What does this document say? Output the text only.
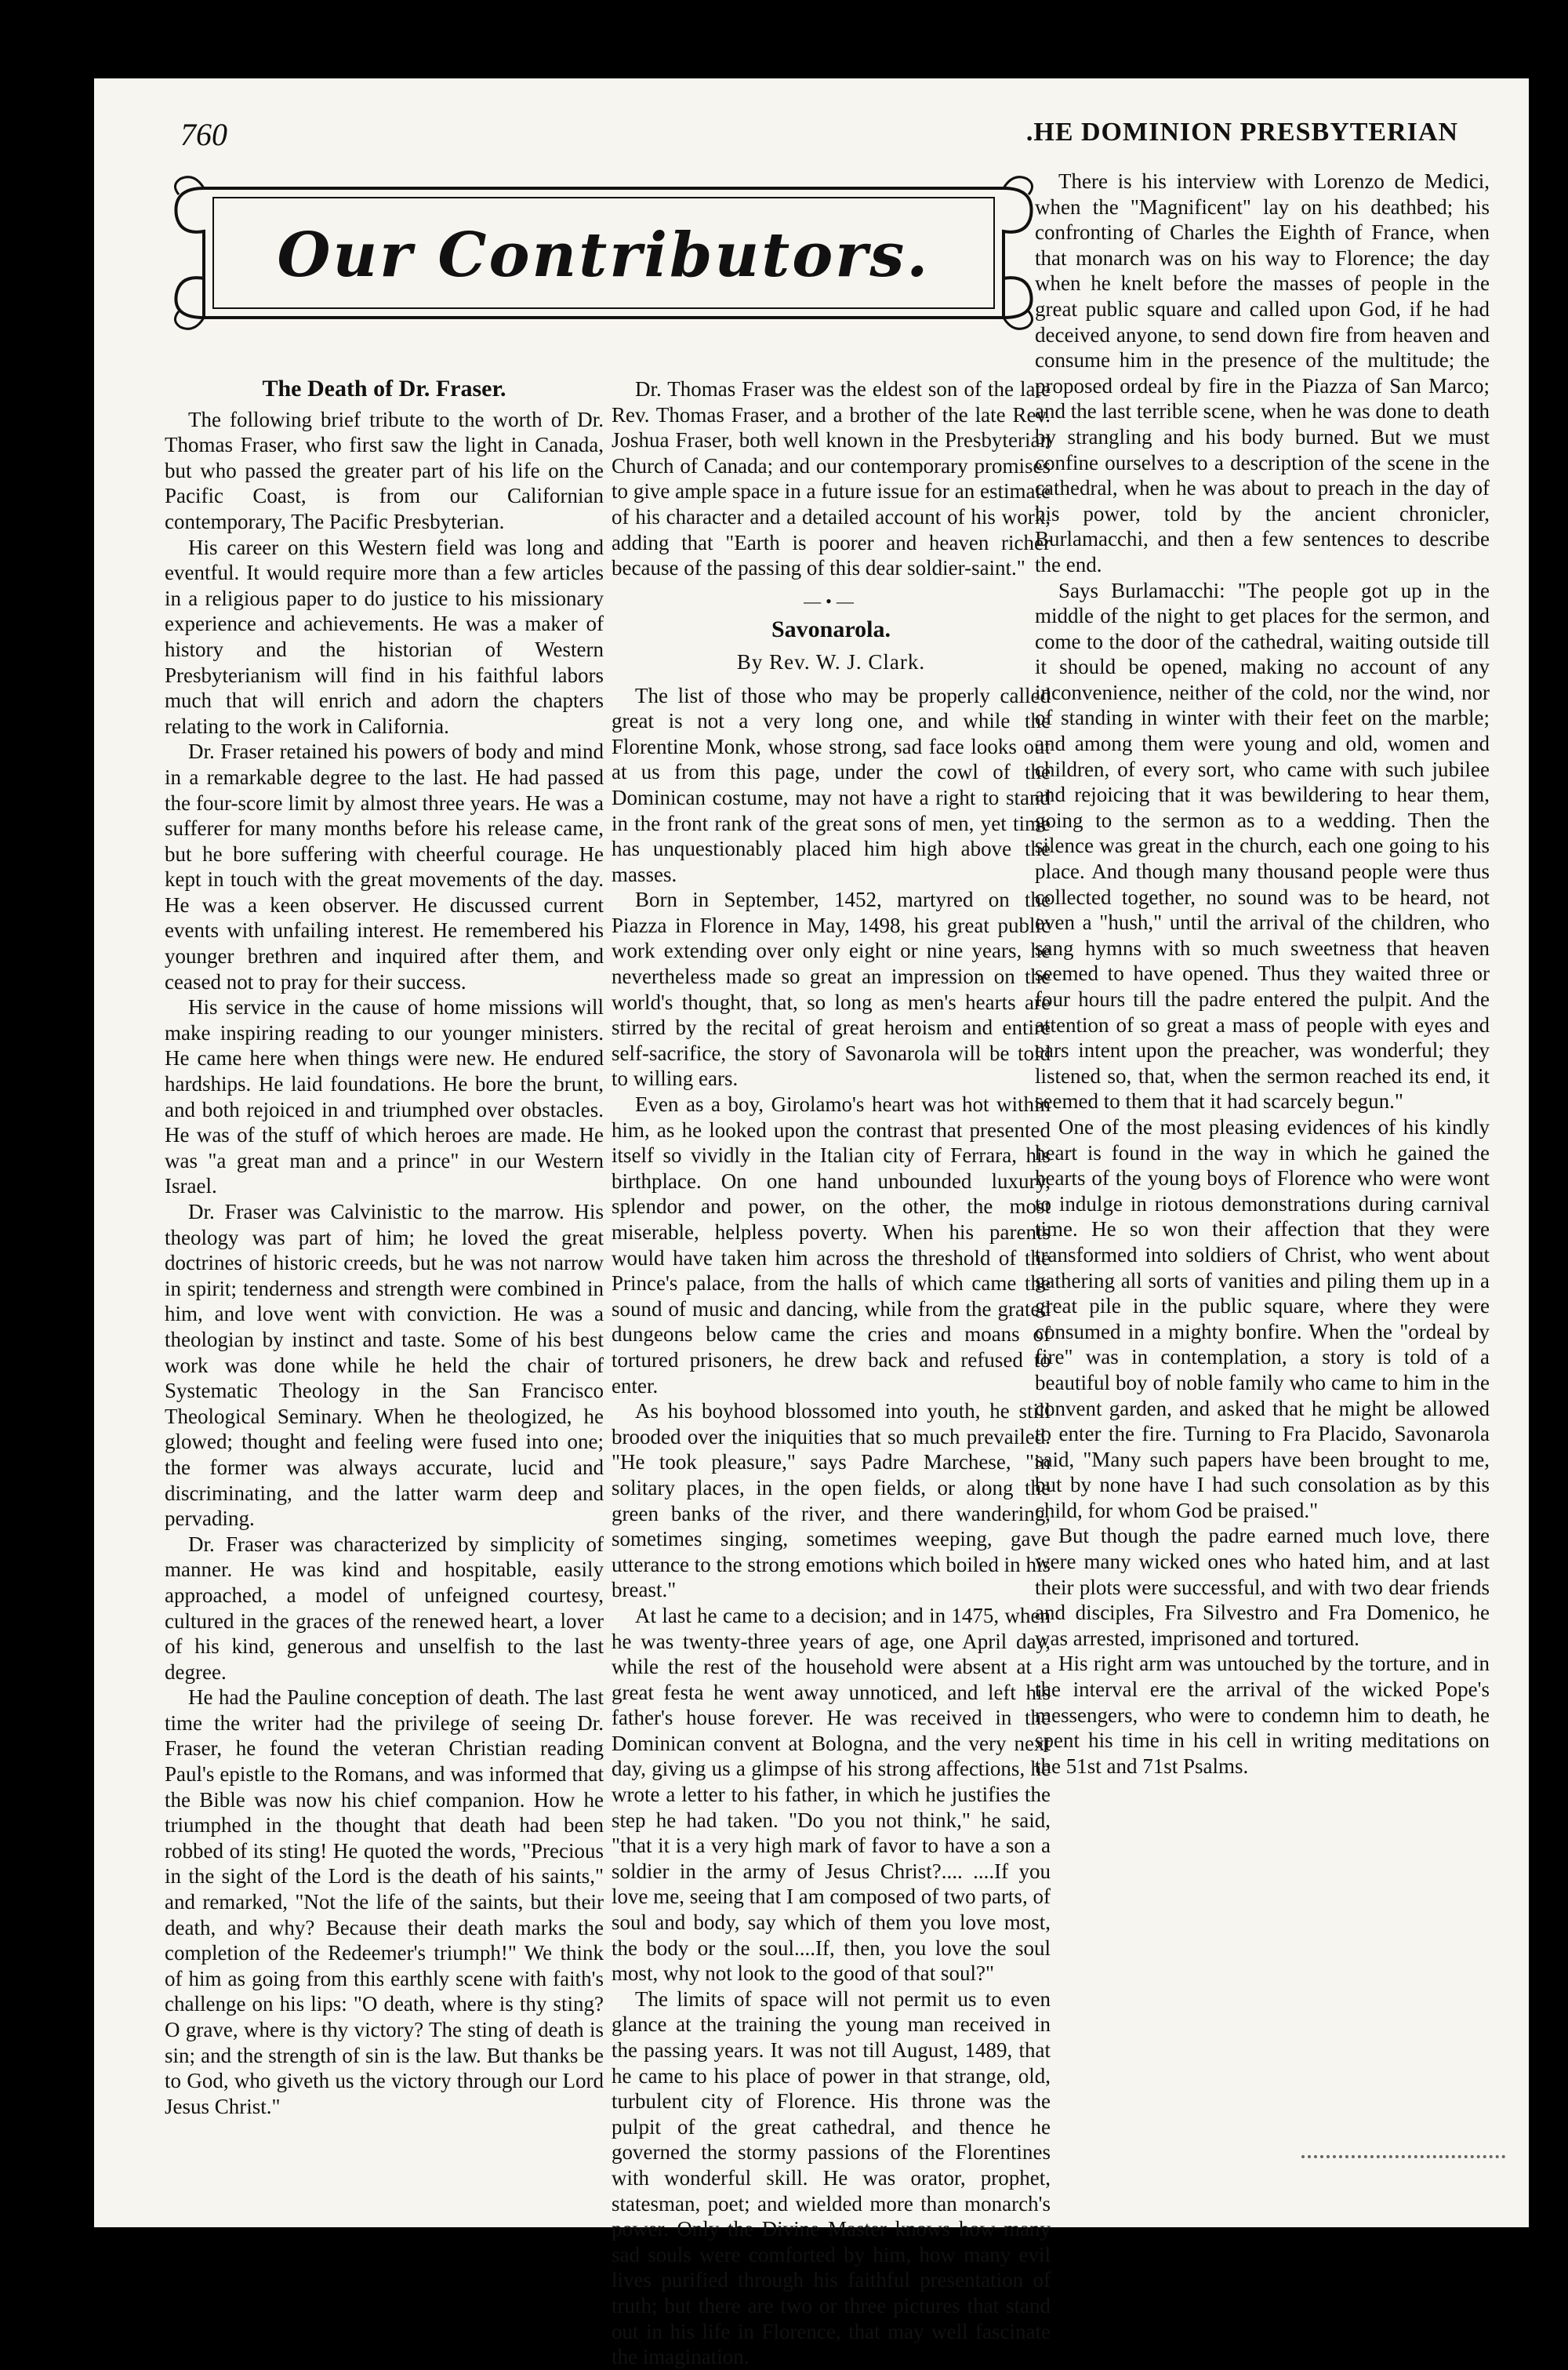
760	.HE DOMINION PRESBYTERIAN
Our Contributors.
The Death of Dr. Fraser.

The following brief tribute to the worth of Dr. Thomas Fraser, who first saw the light in Canada, but who passed the greater part of his life on the Pacific Coast, is from our Californian contemporary, The Pacific Presbyterian.

His career on this Western field was long and eventful. It would require more than a few articles in a religious paper to do justice to his missionary experience and achievements. He was a maker of history and the historian of Western Presbyterianism will find in his faithful labors much that will enrich and adorn the chapters relating to the work in California.

Dr. Fraser retained his powers of body and mind in a remarkable degree to the last. He had passed the four-score limit by almost three years. He was a sufferer for many months before his release came, but he bore suffering with cheerful courage. He kept in touch with the great movements of the day. He was a keen observer. He discussed current events with unfailing interest. He remembered his younger brethren and inquired after them, and ceased not to pray for their success.

His service in the cause of home missions will make inspiring reading to our younger ministers. He came here when things were new. He endured hardships. He laid foundations. He bore the brunt, and both rejoiced in and triumphed over obstacles. He was of the stuff of which heroes are made. He was "a great man and a prince" in our Western Israel.

Dr. Fraser was Calvinistic to the marrow. His theology was part of him; he loved the great doctrines of historic creeds, but he was not narrow in spirit; tenderness and strength were combined in him, and love went with conviction. He was a theologian by instinct and taste. Some of his best work was done while he held the chair of Systematic Theology in the San Francisco Theological Seminary. When he theologized, he glowed; thought and feeling were fused into one; the former was always accurate, lucid and discriminating, and the latter warm deep and pervading.

Dr. Fraser was characterized by simplicity of manner. He was kind and hospitable, easily approached, a model of unfeigned courtesy, cultured in the graces of the renewed heart, a lover of his kind, generous and unselfish to the last degree.

He had the Pauline conception of death. The last time the writer had the privilege of seeing Dr. Fraser, he found the veteran Christian reading Paul's epistle to the Romans, and was informed that the Bible was now his chief companion. How he triumphed in the thought that death had been robbed of its sting! He quoted the words, "Precious in the sight of the Lord is the death of his saints," and remarked, "Not the life of the saints, but their death, and why? Because their death marks the completion of the Redeemer's triumph!" We think of him as going from this earthly scene with faith's challenge on his lips: "O death, where is thy sting? O grave, where is thy victory? The sting of death is sin; and the strength of sin is the law. But thanks be to God, who giveth us the victory through our Lord Jesus Christ."

Dr. Thomas Fraser was the eldest son of the late Rev. Thomas Fraser, and a brother of the late Rev. Joshua Fraser, both well known in the Presbyterian Church of Canada; and our contemporary promises to give ample space in a future issue for an estimate of his character and a detailed account of his work, adding that "Earth is poorer and heaven richer because of the passing of this dear soldier-saint."

—•—
Savonarola.
By Rev. W. J. Clark.

The list of those who may be properly called great is not a very long one, and while the Florentine Monk, whose strong, sad face looks out at us from this page, under the cowl of the Dominican costume, may not have a right to stand in the front rank of the great sons of men, yet time has unquestionably placed him high above the masses.

Born in September, 1452, martyred on the Piazza in Florence in May, 1498, his great public work extending over only eight or nine years, he nevertheless made so great an impression on the world's thought, that, so long as men's hearts are stirred by the recital of great heroism and entire self-sacrifice, the story of Savonarola will be told to willing ears.

Even as a boy, Girolamo's heart was hot within him, as he looked upon the contrast that presented itself so vividly in the Italian city of Ferrara, his birthplace. On one hand unbounded luxury, splendor and power, on the other, the most miserable, helpless poverty. When his parents would have taken him across the threshold of the Prince's palace, from the halls of which came the sound of music and dancing, while from the grated dungeons below came the cries and moans of tortured prisoners, he drew back and refused to enter.

As his boyhood blossomed into youth, he still brooded over the iniquities that so much prevailed. "He took pleasure," says Padre Marchese, "in solitary places, in the open fields, or along the green banks of the river, and there wandering, sometimes singing, sometimes weeping, gave utterance to the strong emotions which boiled in his breast."

At last he came to a decision; and in 1475, when he was twenty-three years of age, one April day, while the rest of the household were absent at a great festa he went away unnoticed, and left his father's house forever. He was received in the Dominican convent at Bologna, and the very next day, giving us a glimpse of his strong affections, he wrote a letter to his father, in which he justifies the step he had taken. "Do you not think," he said, "that it is a very high mark of favor to have a son a soldier in the army of Jesus Christ?.... ....If you love me, seeing that I am composed of two parts, of soul and body, say which of them you love most, the body or the soul....If, then, you love the soul most, why not look to the good of that soul?"

The limits of space will not permit us to even glance at the training the young man received in the passing years. It was not till August, 1489, that he came to his place of power in that strange, old, turbulent city of Florence. His throne was the pulpit of the great cathedral, and thence he governed the stormy passions of the Florentines with wonderful skill. He was orator, prophet, statesman, poet; and wielded more than monarch's power. Only the Divine Master knows how many sad souls were comforted by him, how many evil lives purified through his faithful presentation of truth; but there are two or three pictures that stand out in his life in Florence, that may well fascinate the imagination.

There is his interview with Lorenzo de Medici, when the "Magnificent" lay on his deathbed; his confronting of Charles the Eighth of France, when that monarch was on his way to Florence; the day when he knelt before the masses of people in the great public square and called upon God, if he had deceived anyone, to send down fire from heaven and consume him in the presence of the multitude; the proposed ordeal by fire in the Piazza of San Marco; and the last terrible scene, when he was done to death by strangling and his body burned. But we must confine ourselves to a description of the scene in the cathedral, when he was about to preach in the day of his power, told by the ancient chronicler, Burlamacchi, and then a few sentences to describe the end.

Says Burlamacchi: "The people got up in the middle of the night to get places for the sermon, and come to the door of the cathedral, waiting outside till it should be opened, making no account of any inconvenience, neither of the cold, nor the wind, nor of standing in winter with their feet on the marble; and among them were young and old, women and children, of every sort, who came with such jubilee and rejoicing that it was bewildering to hear them, going to the sermon as to a wedding. Then the silence was great in the church, each one going to his place. And though many thousand people were thus collected together, no sound was to be heard, not even a "hush," until the arrival of the children, who sang hymns with so much sweetness that heaven seemed to have opened. Thus they waited three or four hours till the padre entered the pulpit. And the attention of so great a mass of people with eyes and ears intent upon the preacher, was wonderful; they listened so, that, when the sermon reached its end, it seemed to them that it had scarcely begun."

One of the most pleasing evidences of his kindly heart is found in the way in which he gained the hearts of the young boys of Florence who were wont to indulge in riotous demonstrations during carnival time. He so won their affection that they were transformed into soldiers of Christ, who went about gathering all sorts of vanities and piling them up in a great pile in the public square, where they were consumed in a mighty bonfire. When the "ordeal by fire" was in contemplation, a story is told of a beautiful boy of noble family who came to him in the convent garden, and asked that he might be allowed to enter the fire. Turning to Fra Placido, Savonarola said, "Many such papers have been brought to me, but by none have I had such consolation as by this child, for whom God be praised."

But though the padre earned much love, there were many wicked ones who hated him, and at last their plots were successful, and with two dear friends and disciples, Fra Silvestro and Fra Domenico, he was arrested, imprisoned and tortured.

His right arm was untouched by the torture, and in the interval ere the arrival of the wicked Pope's messengers, who were to condemn him to death, he spent his time in his cell in writing meditations on the 51st and 71st Psalms.
